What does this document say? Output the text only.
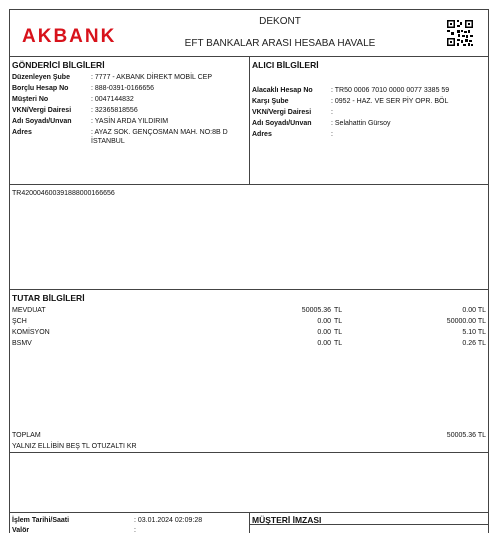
AKBANK
DEKONT
EFT BANKALAR ARASI HESABA HAVALE
GÖNDERİCİ BİLGİLERİ
Düzenleyen Şube	: 7777 - AKBANK DİREKT MOBİL CEP
Borçlu Hesap No	: 888-0391-0166656
Müşteri No	: 0047144832
VKN/Vergi Dairesi	: 32365818556
Adı Soyadı/Unvan	: YASİN ARDA YILDIRIM
Adres	: AYAZ SOK. GENÇOSMAN MAH. NO:8B D İSTANBUL
ALICI BİLGİLERİ
Alacaklı Hesap No	: TR50 0006 7010 0000 0077 3385 59
Karşı Şube	: 0952 - HAZ. VE SER PİY OPR. BÖL
VKN/Vergi Dairesi	:
Adı Soyadı/Unvan	: Selahattin Gürsoy
Adres	:
TR420004600391888000166656
TUTAR BİLGİLERİ
MEVDUAT	50005.36 TL	0.00 TL
ŞCH	0.00 TL	50000.00 TL
KOMİSYON	0.00 TL	5.10 TL
BSMV	0.00 TL	0.26 TL
TOPLAM	50005.36 TL
YALNIZ ELLİBİN BEŞ TL OTUZALTI KR
İşlem Tarihi/Saati	: 03.01.2024 02:09:28
Valör	:
MÜŞTERİ İMZASI
